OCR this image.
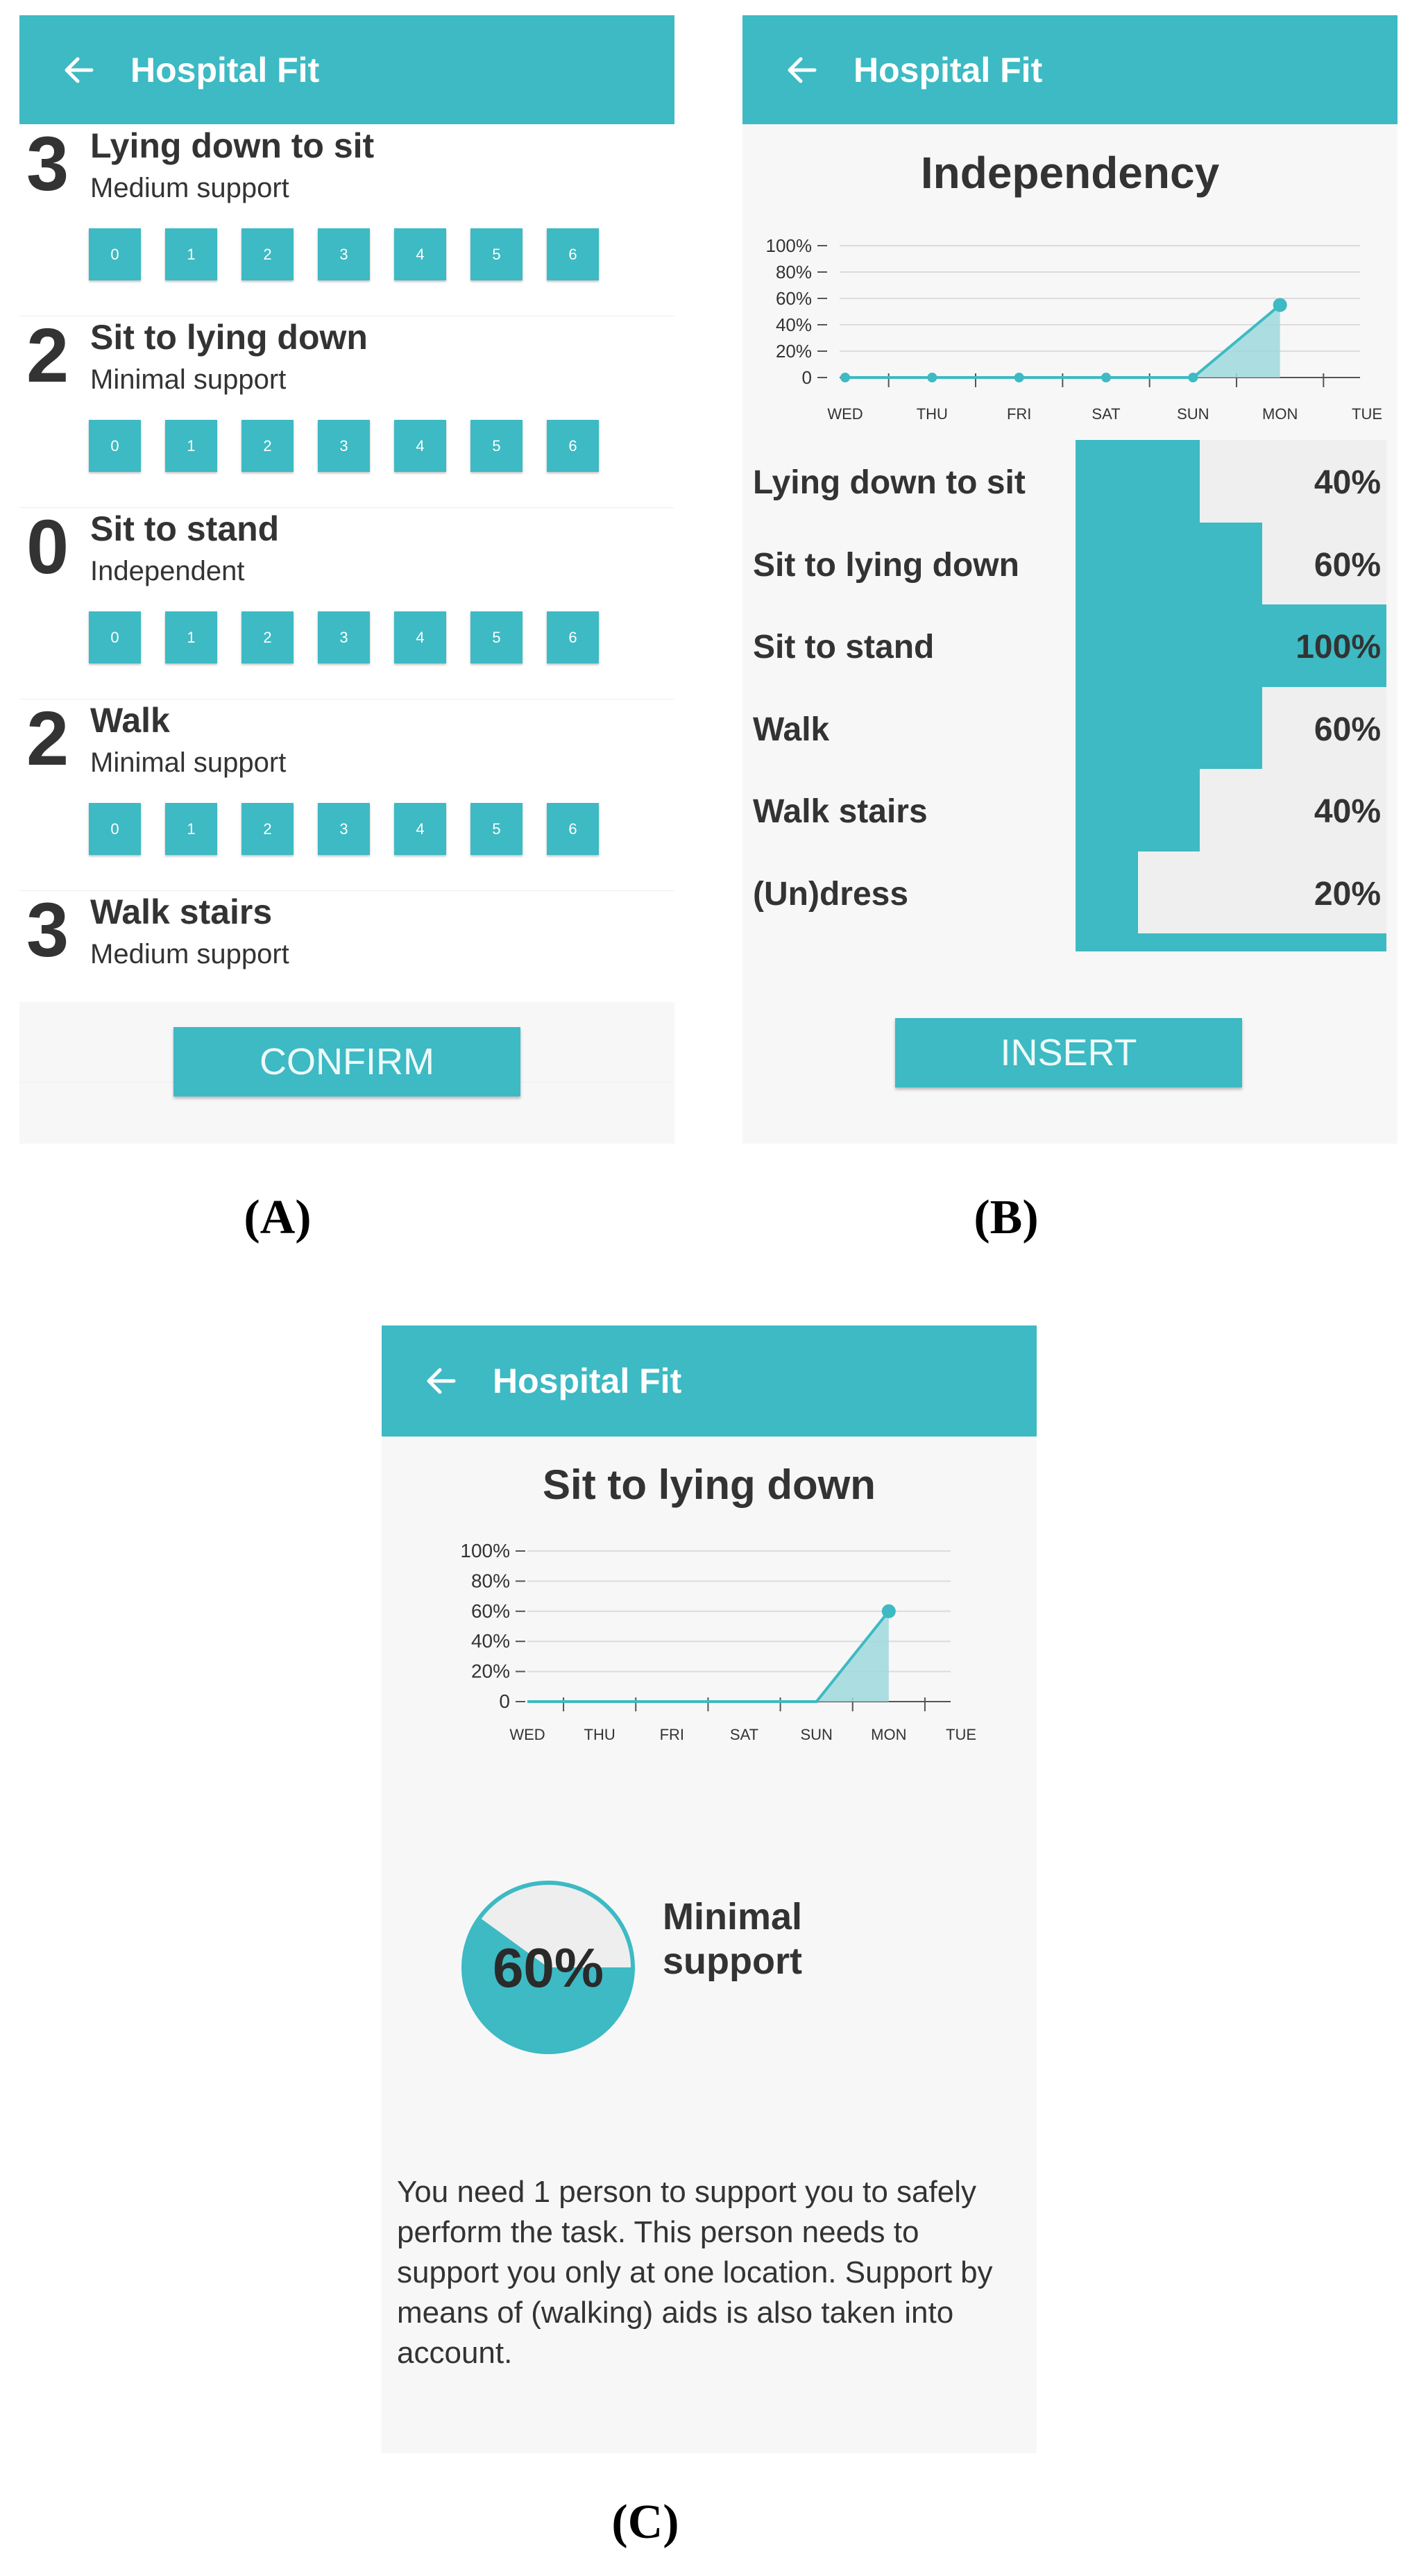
Hospital Fit
3 Lying down to sit
Medium support
0	1	2	3	4	5	6
2 Sit to lying down
Minimal support
0	1	2	3	4	5	6
0 Sit to stand
Independent
0	1	2	3	4	5	6
2 Walk
Minimal support
0	1	2	3	4	5	6
3 Walk stairs
Medium support
CONFIRM
(A)
Hospital Fit
Independency
0
20%
40%
60%
80%
100%
WED	THU	FRI	SAT	SUN	MON	TUE
Lying down to sit	40%
Sit to lying down	60%
Sit to stand	100%
Walk	60%
Walk stairs	40%
(Un)dress	20%
INSERT
(B)
Hospital Fit
Sit to lying down
0
20%
40%
60%
80%
100%
WED	THU	FRI	SAT	SUN	MON	TUE
60%
Minimal
support
You need 1 person to support you to safely perform the task. This person needs to support you only at one location. Support by means of (walking) aids is also taken into account.
(C)
